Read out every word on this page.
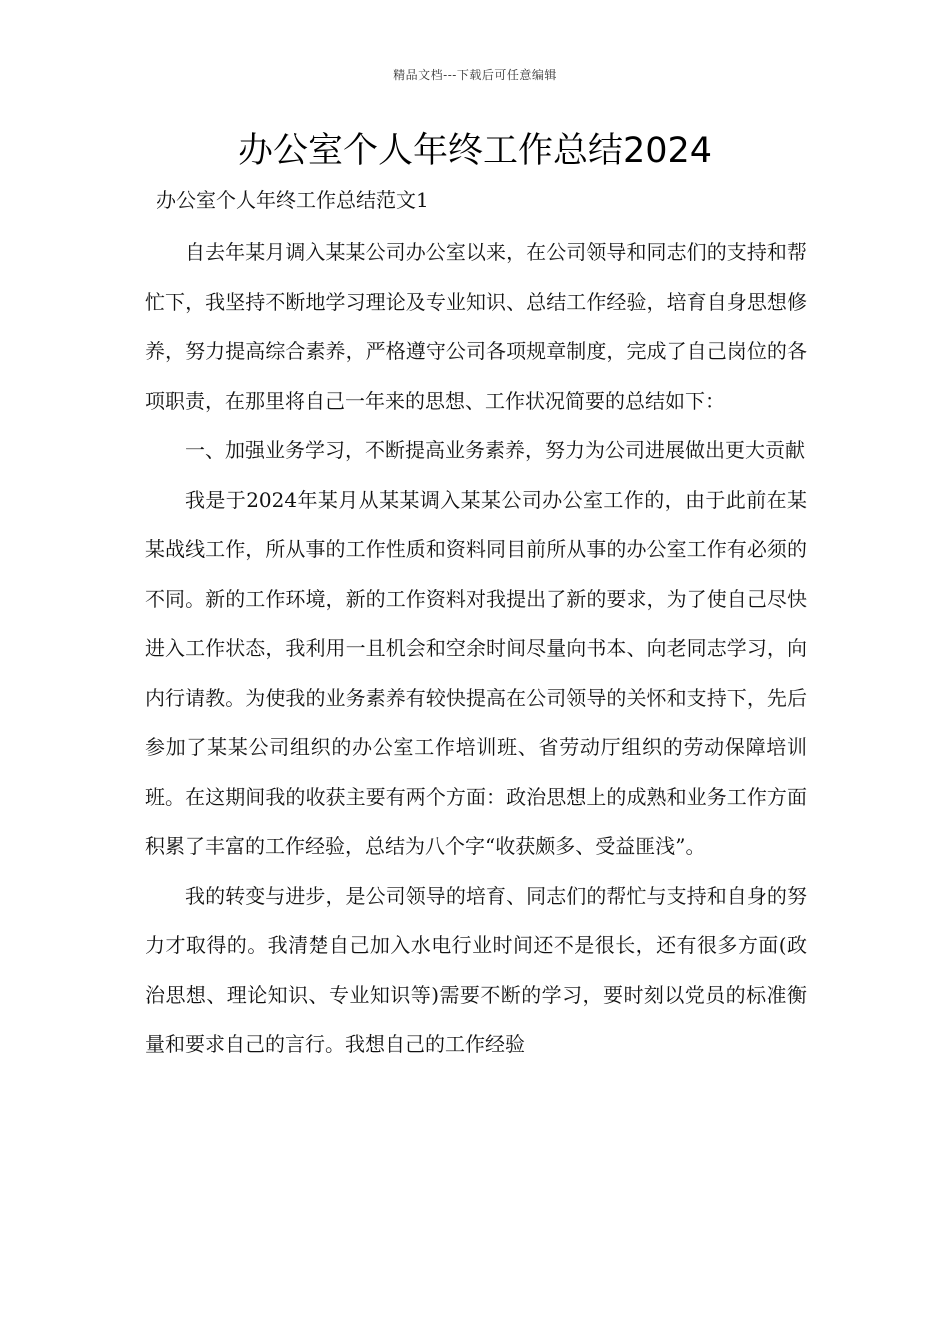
精品文档---下载后可任意编辑
办公室个人年终工作总结2024

办公室个人年终工作总结范文1

自去年某月调入某某公司办公室以来，在公司领导和同志们的支持和帮忙下，我坚持不断地学习理论及专业知识、总结工作经验，培育自身思想修养，努力提高综合素养，严格遵守公司各项规章制度，完成了自己岗位的各项职责，在那里将自己一年来的思想、工作状况简要的总结如下：

一、加强业务学习，不断提高业务素养，努力为公司进展做出更大贡献

我是于2024年某月从某某调入某某公司办公室工作的，由于此前在某某战线工作，所从事的工作性质和资料同目前所从事的办公室工作有必须的不同。新的工作环境，新的工作资料对我提出了新的要求，为了使自己尽快进入工作状态，我利用一且机会和空余时间尽量向书本、向老同志学习，向内行请教。为使我的业务素养有较快提高在公司领导的关怀和支持下，先后参加了某某公司组织的办公室工作培训班、省劳动厅组织的劳动保障培训班。在这期间我的收获主要有两个方面：政治思想上的成熟和业务工作方面积累了丰富的工作经验，总结为八个字“收获颇多、受益匪浅”。

我的转变与进步，是公司领导的培育、同志们的帮忙与支持和自身的努力才取得的。我清楚自己加入水电行业时间还不是很长，还有很多方面(政治思想、理论知识、专业知识等)需要不断的学习，要时刻以党员的标准衡量和要求自己的言行。我想自己的工作经验
